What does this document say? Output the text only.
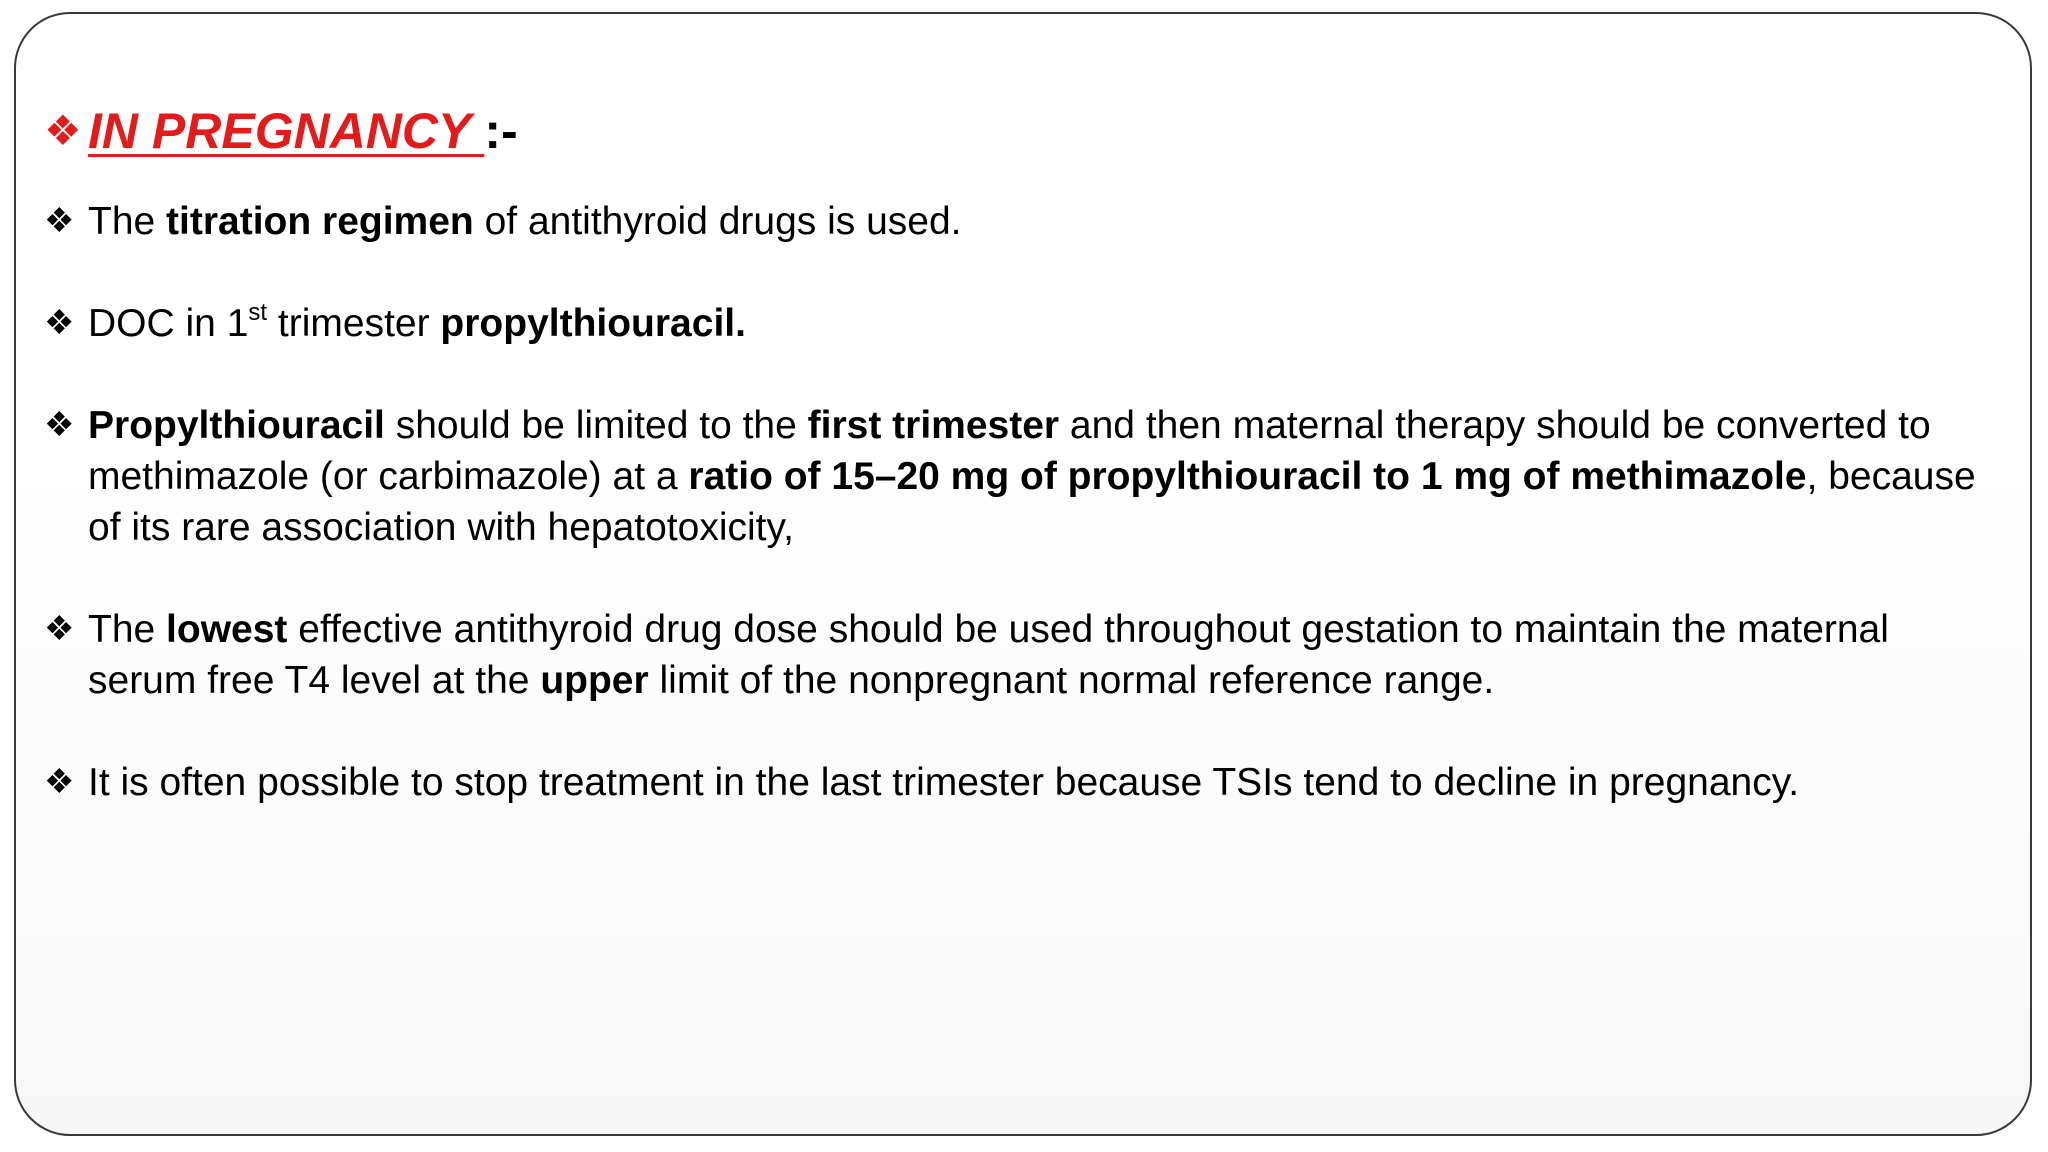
❖ IN PREGNANCY :-
❖ The titration regimen of antithyroid drugs is used.
❖ DOC in 1st trimester propylthiouracil.
❖ Propylthiouracil should be limited to the first trimester and then maternal therapy should be converted to methimazole (or carbimazole) at a ratio of 15–20 mg of propylthiouracil to 1 mg of methimazole, because of its rare association with hepatotoxicity,
❖ The lowest effective antithyroid drug dose should be used throughout gestation to maintain the maternal serum free T4 level at the upper limit of the nonpregnant normal reference range.
❖ It is often possible to stop treatment in the last trimester because TSIs tend to decline in pregnancy.
